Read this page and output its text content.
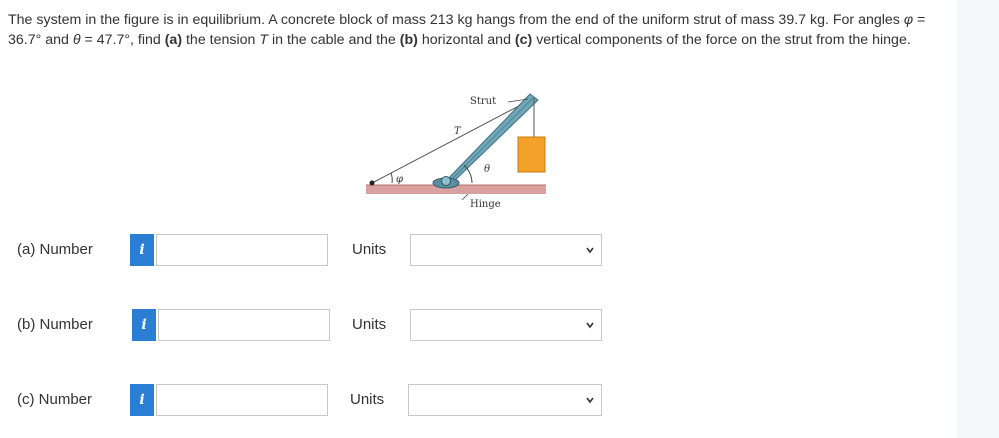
The system in the figure is in equilibrium. A concrete block of mass 213 kg hangs from the end of the uniform strut of mass 39.7 kg. For angles φ = 36.7° and θ = 47.7°, find (a) the tension T in the cable and the (b) horizontal and (c) vertical components of the force on the strut from the hinge.
Strut
T
θ
φ
Hinge
(a) Number	i	Units
(b) Number	i	Units
(c) Number	i	Units
